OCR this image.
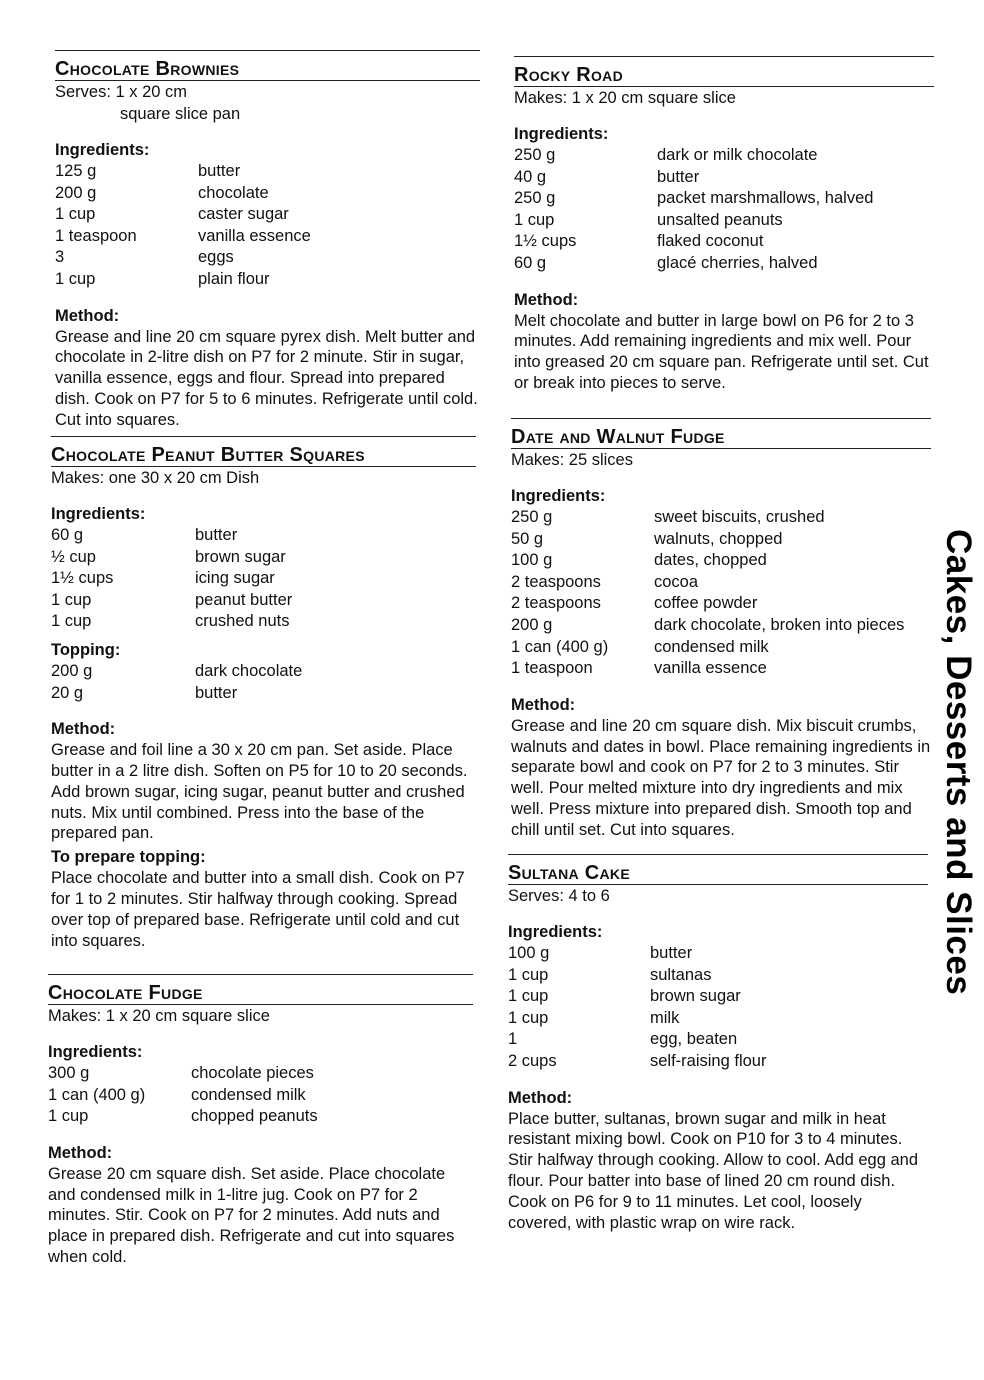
Chocolate Brownies

Serves: 1 x 20 cm

square slice pan

Ingredients:

125 g	butter
200 g	chocolate
1 cup	caster sugar
1 teaspoon	vanilla essence
3	eggs
1 cup	plain flour

Method:

Grease and line 20 cm square pyrex dish. Melt butter and chocolate in 2-litre dish on P7 for 2 minute. Stir in sugar, vanilla essence, eggs and flour. Spread into prepared dish. Cook on P7 for 5 to 6 minutes. Refrigerate until cold. Cut into squares.

Chocolate Peanut Butter Squares

Makes: one 30 x 20 cm Dish

Ingredients:

60 g	butter
½ cup	brown sugar
1½ cups	icing sugar
1 cup	peanut butter
1 cup	crushed nuts

Topping:

200 g	dark chocolate
20 g	butter

Method:

Grease and foil line a 30 x 20 cm pan. Set aside. Place butter in a 2 litre dish. Soften on P5 for 10 to 20 seconds. Add brown sugar, icing sugar, peanut butter and crushed nuts. Mix until combined. Press into the base of the prepared pan.

To prepare topping:

Place chocolate and butter into a small dish. Cook on P7 for 1 to 2 minutes. Stir halfway through cooking. Spread over top of prepared base. Refrigerate until cold and cut into squares.

Chocolate Fudge

Makes: 1 x 20 cm square slice

Ingredients:

300 g	chocolate pieces
1 can (400 g)	condensed milk
1 cup	chopped peanuts

Method:

Grease 20 cm square dish. Set aside. Place chocolate and condensed milk in 1-litre jug. Cook on P7 for 2 minutes. Stir. Cook on P7 for 2 minutes. Add nuts and place in prepared dish. Refrigerate and cut into squares when cold.

Rocky Road

Makes: 1 x 20 cm square slice

Ingredients:

250 g	dark or milk chocolate
40 g	butter
250 g	packet marshmallows, halved
1 cup	unsalted peanuts
1½ cups	flaked coconut
60 g	glacé cherries, halved

Method:

Melt chocolate and butter in large bowl on P6 for 2 to 3 minutes. Add remaining ingredients and mix well. Pour into greased 20 cm square pan. Refrigerate until set. Cut or break into pieces to serve.

Date and Walnut Fudge

Makes: 25 slices

Ingredients:

250 g	sweet biscuits, crushed
50 g	walnuts, chopped
100 g	dates, chopped
2 teaspoons	cocoa
2 teaspoons	coffee powder
200 g	dark chocolate, broken into pieces
1 can (400 g)	condensed milk
1 teaspoon	vanilla essence

Method:

Grease and line 20 cm square dish. Mix biscuit crumbs, walnuts and dates in bowl. Place remaining ingredients in separate bowl and cook on P7 for 2 to 3 minutes. Stir well. Pour melted mixture into dry ingredients and mix well. Press mixture into prepared dish. Smooth top and chill until set. Cut into squares.

Sultana Cake

Serves: 4 to 6

Ingredients:

100 g	butter
1 cup	sultanas
1 cup	brown sugar
1 cup	milk
1	egg, beaten
2 cups	self-raising flour

Method:

Place butter, sultanas, brown sugar and milk in heat resistant mixing bowl. Cook on P10 for 3 to 4 minutes. Stir halfway through cooking. Allow to cool. Add egg and flour. Pour batter into base of lined 20 cm round dish. Cook on P6 for 9 to 11 minutes. Let cool, loosely covered, with plastic wrap on wire rack.

Cakes, Desserts and Slices
